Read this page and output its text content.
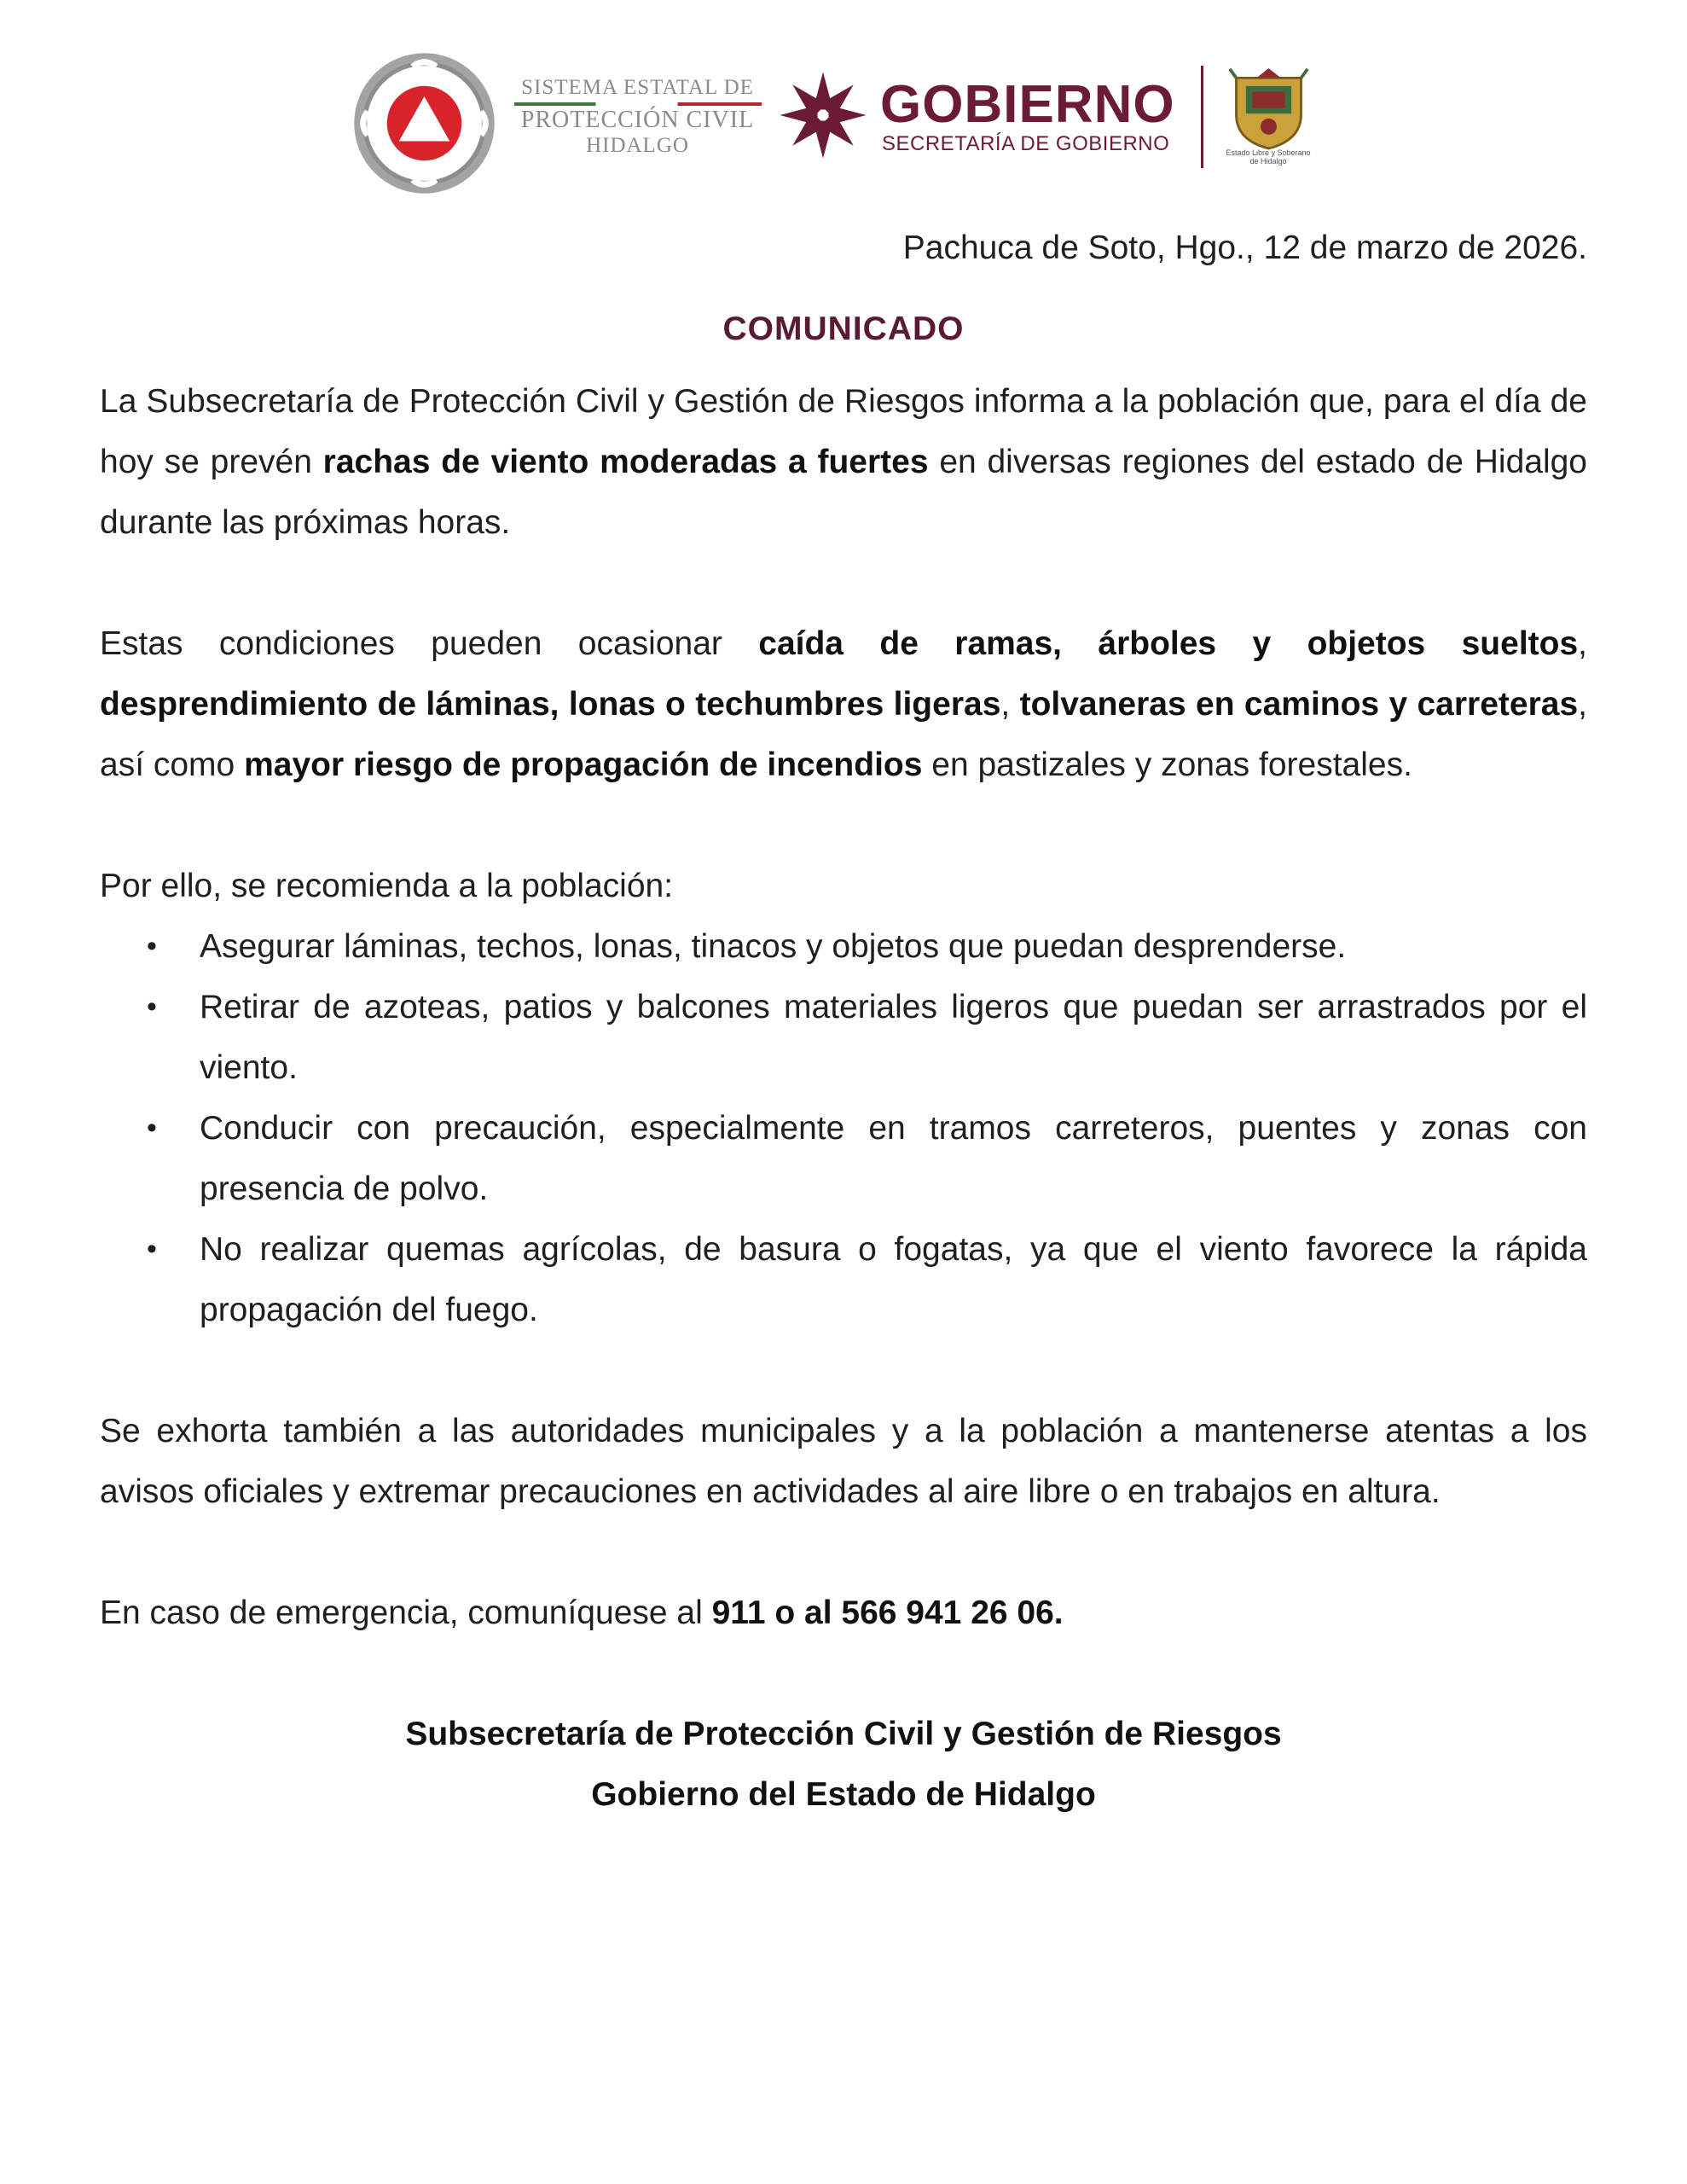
SISTEMA ESTATAL DE
PROTECCIÓN CIVIL
HIDALGO
GOBIERNO
SECRETARÍA DE GOBIERNO	Estado Libre y Soberano de Hidalgo

Pachuca de Soto, Hgo., 12 de marzo de 2026.

COMUNICADO

La Subsecretaría de Protección Civil y Gestión de Riesgos informa a la población que, para el día de hoy se prevén rachas de viento moderadas a fuertes en diversas regiones del estado de Hidalgo durante las próximas horas.

Estas condiciones pueden ocasionar caída de ramas, árboles y objetos sueltos, desprendimiento de láminas, lonas o techumbres ligeras, tolvaneras en caminos y carreteras, así como mayor riesgo de propagación de incendios en pastizales y zonas forestales.

Por ello, se recomienda a la población:

• Asegurar láminas, techos, lonas, tinacos y objetos que puedan desprenderse.
• Retirar de azoteas, patios y balcones materiales ligeros que puedan ser arrastrados por el viento.
• Conducir con precaución, especialmente en tramos carreteros, puentes y zonas con presencia de polvo.
• No realizar quemas agrícolas, de basura o fogatas, ya que el viento favorece la rápida propagación del fuego.

Se exhorta también a las autoridades municipales y a la población a mantenerse atentas a los avisos oficiales y extremar precauciones en actividades al aire libre o en trabajos en altura.

En caso de emergencia, comuníquese al 911 o al 566 941 26 06.

Subsecretaría de Protección Civil y Gestión de Riesgos
Gobierno del Estado de Hidalgo
